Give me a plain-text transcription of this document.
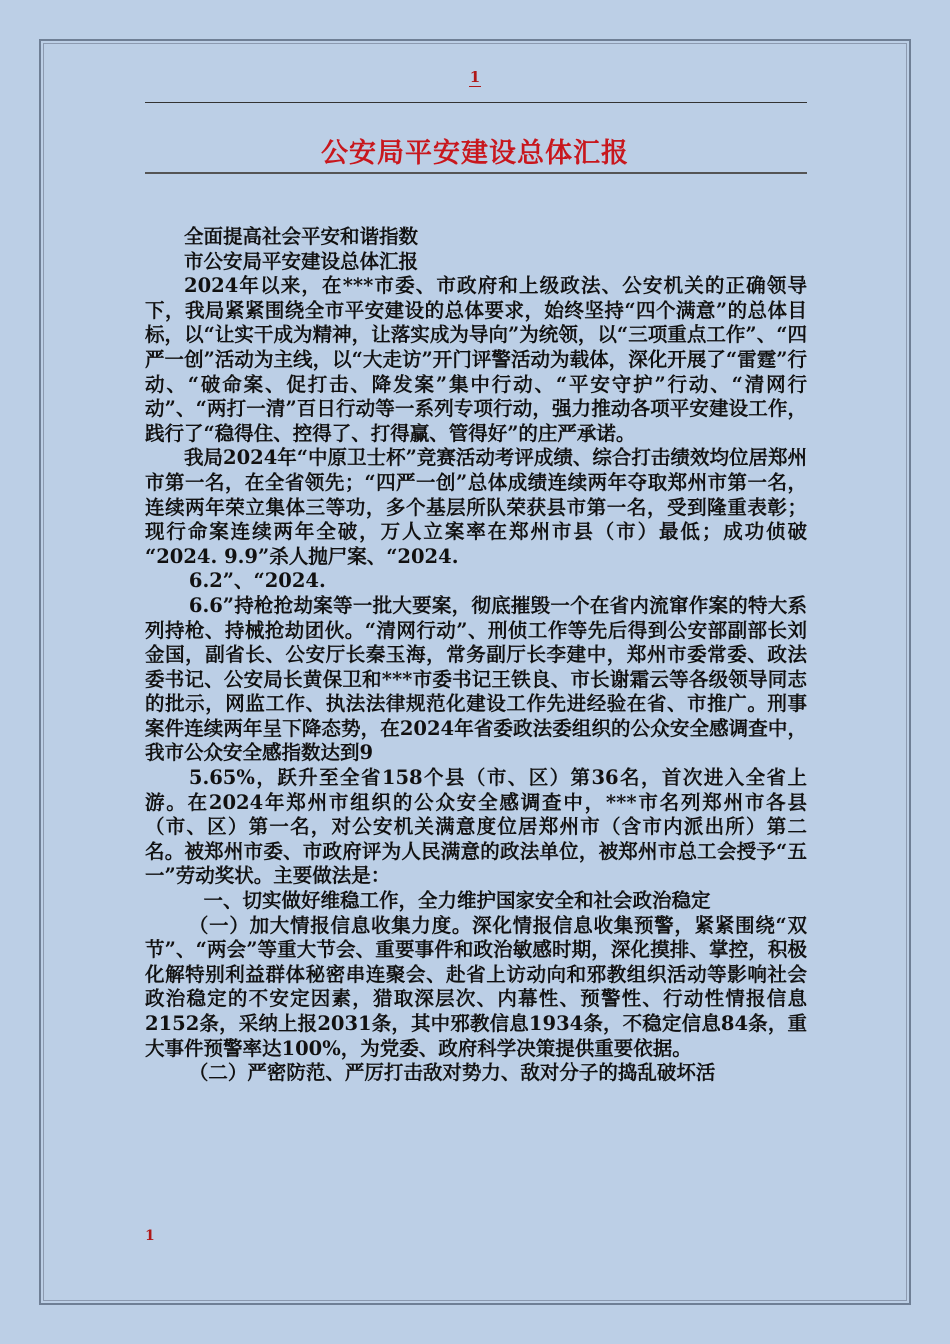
1
公安局平安建设总体汇报

全面提高社会平安和谐指数

市公安局平安建设总体汇报

2024年以来，在***市委、市政府和上级政法、公安机关的正确领导下，我局紧紧围绕全市平安建设的总体要求，始终坚持“四个满意”的总体目标，以“让实干成为精神，让落实成为导向”为统领，以“三项重点工作”、“四严一创”活动为主线，以“大走访”开门评警活动为载体，深化开展了“雷霆”行动、“破命案、促打击、降发案”集中行动、“平安守护”行动、“清网行动”、“两打一清”百日行动等一系列专项行动，强力推动各项平安建设工作，践行了“稳得住、控得了、打得赢、管得好”的庄严承诺。

我局2024年“中原卫士杯”竞赛活动考评成绩、综合打击绩效均位居郑州市第一名，在全省领先；“四严一创”总体成绩连续两年夺取郑州市第一名，连续两年荣立集体三等功，多个基层所队荣获县市第一名，受到隆重表彰；现行命案连续两年全破，万人立案率在郑州市县（市）最低；成功侦破 “2024. 9.9”杀人抛尸案、“2024.

6.2”、“2024.

6.6”持枪抢劫案等一批大要案，彻底摧毁一个在省内流窜作案的特大系列持枪、持械抢劫团伙。“清网行动”、刑侦工作等先后得到公安部副部长刘金国，副省长、公安厅长秦玉海，常务副厅长李建中，郑州市委常委、政法委书记、公安局长黄保卫和***市委书记王铁良、市长谢霜云等各级领导同志的批示，网监工作、执法法律规范化建设工作先进经验在省、市推广。刑事案件连续两年呈下降态势，在2024年省委政法委组织的公众安全感调查中，我市公众安全感指数达到9

5.65%，跃升至全省158个县（市、区）第36名，首次进入全省上游。在2024年郑州市组织的公众安全感调查中，***市名列郑州市各县（市、区）第一名，对公安机关满意度位居郑州市（含市内派出所）第二名。被郑州市委、市政府评为人民满意的政法单位，被郑州市总工会授予“五一”劳动奖状。主要做法是：

一、切实做好维稳工作，全力维护国家安全和社会政治稳定

（一）加大情报信息收集力度。深化情报信息收集预警，紧紧围绕“双节”、“两会”等重大节会、重要事件和政治敏感时期，深化摸排、掌控，积极化解特别利益群体秘密串连聚会、赴省上访动向和邪教组织活动等影响社会政治稳定的不安定因素，猎取深层次、内幕性、预警性、行动性情报信息2152条，采纳上报2031条，其中邪教信息1934条，不稳定信息84条，重大事件预警率达100%，为党委、政府科学决策提供重要依据。

（二）严密防范、严厉打击敌对势力、敌对分子的捣乱破坏活

1
